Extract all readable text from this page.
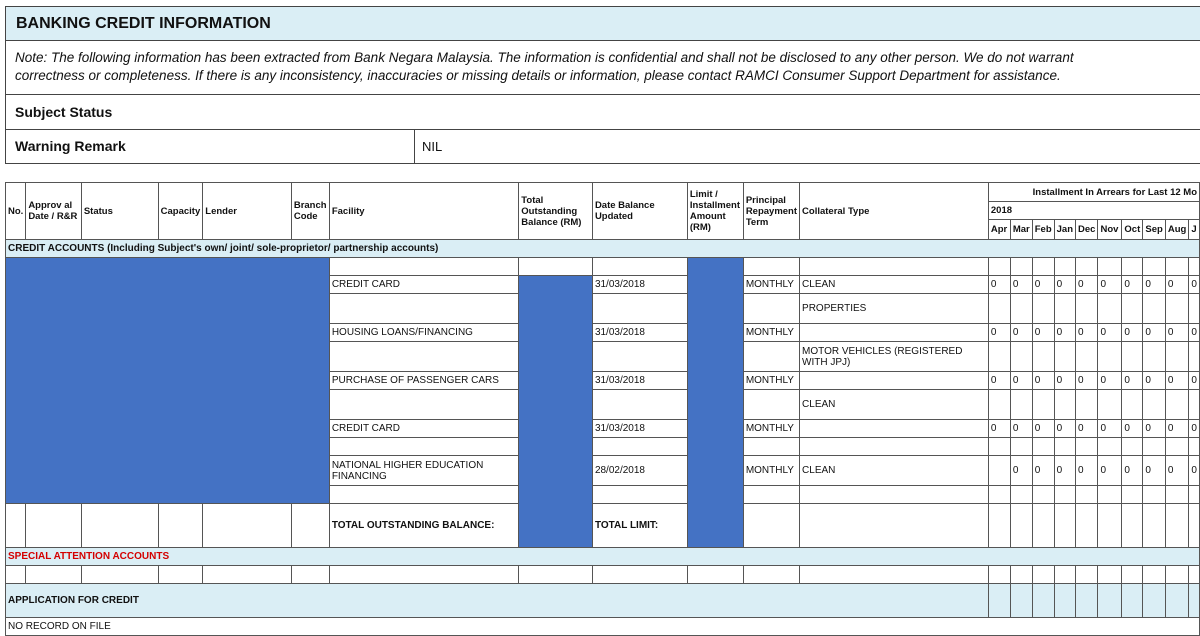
BANKING CREDIT INFORMATION
Note: The following information has been extracted from Bank Negara Malaysia. The information is confidential and shall not be disclosed to any other person. We do not warrant
correctness or completeness. If there is any inconsistency, inaccuracies or missing details or information, please contact RAMCI Consumer Support Department for assistance.
Subject Status
Warning Remark	NIL
No.	Approv al Date / R&R	Status	Capacity	Lender	Branch Code	Facility	Total Outstanding Balance (RM)	Date Balance Updated	Limit / Installment Amount (RM)	Principal Repayment Term	Collateral Type	Installment In Arrears for Last 12 Mo									
												2018									
												Apr	Mar	Feb	Jan	Dec	Nov	Oct	Sep	Aug	J
CREDIT ACCOUNTS (Including Subject's own/ joint/ sole-proprietor/ partnership accounts)																					

						CREDIT CARD		31/03/2018		MONTHLY	CLEAN	0	0	0	0	0	0	0	0	0	0
											PROPERTIES										
						HOUSING LOANS/FINANCING		31/03/2018		MONTHLY		0	0	0	0	0	0	0	0	0	0
											MOTOR VEHICLES (REGISTERED WITH JPJ)										
						PURCHASE OF PASSENGER CARS		31/03/2018		MONTHLY		0	0	0	0	0	0	0	0	0	0
											CLEAN										
						CREDIT CARD		31/03/2018		MONTHLY		0	0	0	0	0	0	0	0	0	0

						NATIONAL HIGHER EDUCATION FINANCING		28/02/2018		MONTHLY	CLEAN		0	0	0	0	0	0	0	0	0

						TOTAL OUTSTANDING BALANCE:		TOTAL LIMIT:													
SPECIAL ATTENTION ACCOUNTS																					

APPLICATION FOR CREDIT																					
NO RECORD ON FILE																					
